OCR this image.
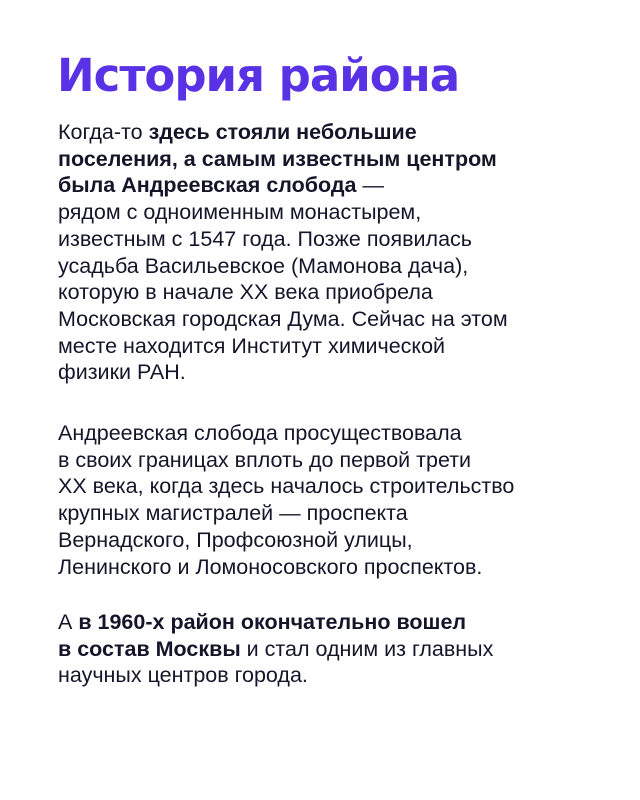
История района
Когда-то здесь стояли небольшие
поселения, а самым известным центром
была Андреевская слобода —
рядом с одноименным монастырем,
известным с 1547 года. Позже появилась
усадьба Васильевское (Мамонова дача),
которую в начале XX века приобрела
Московская городская Дума. Сейчас на этом
месте находится Институт химической
физики РАН.
Андреевская слобода просуществовала
в своих границах вплоть до первой трети
XX века, когда здесь началось строительство
крупных магистралей — проспекта
Вернадского, Профсоюзной улицы,
Ленинского и Ломоносовского проспектов.
А в 1960-х район окончательно вошел
в состав Москвы и стал одним из главных
научных центров города.
